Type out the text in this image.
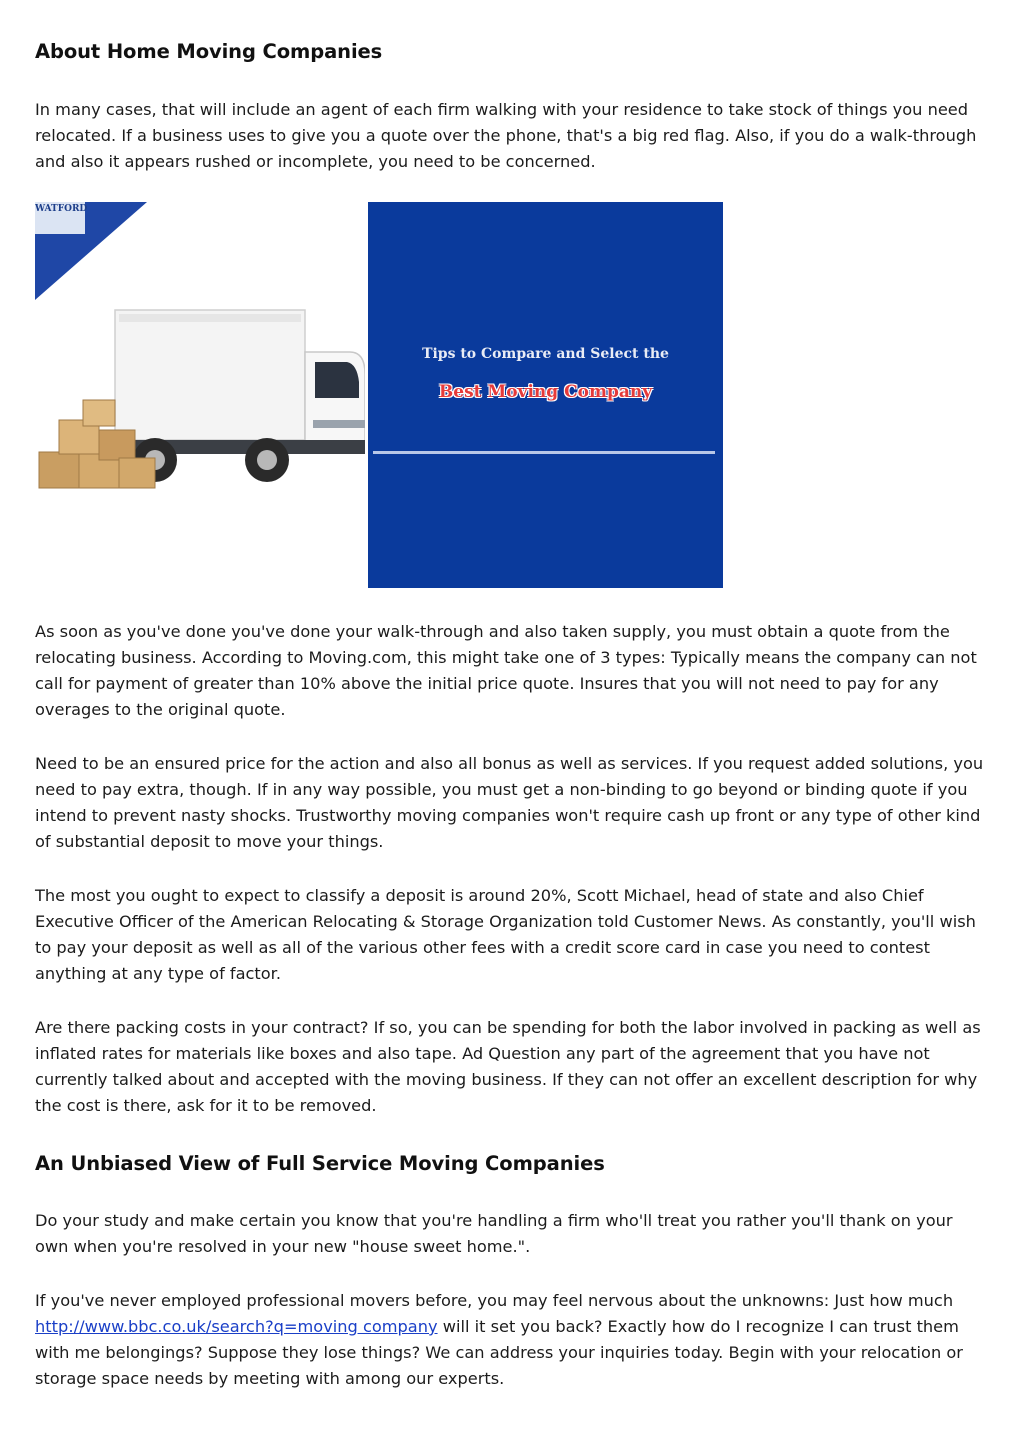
About Home Moving Companies

In many cases, that will include an agent of each firm walking with your residence to take stock of things you need relocated. If a business uses to give you a quote over the phone, that's a big red flag. Also, if you do a walk-through and also it appears rushed or incomplete, you need to be concerned.

WATFORD
Tips to Compare and Select the
Best Moving Company

As soon as you've done you've done your walk-through and also taken supply, you must obtain a quote from the relocating business. According to Moving.com, this might take one of 3 types: Typically means the company can not call for payment of greater than 10% above the initial price quote. Insures that you will not need to pay for any overages to the original quote.

Need to be an ensured price for the action and also all bonus as well as services. If you request added solutions, you need to pay extra, though. If in any way possible, you must get a non-binding to go beyond or binding quote if you intend to prevent nasty shocks. Trustworthy moving companies won't require cash up front or any type of other kind of substantial deposit to move your things.

The most you ought to expect to classify a deposit is around 20%, Scott Michael, head of state and also Chief Executive Officer of the American Relocating & Storage Organization told Customer News. As constantly, you'll wish to pay your deposit as well as all of the various other fees with a credit score card in case you need to contest anything at any type of factor.

Are there packing costs in your contract? If so, you can be spending for both the labor involved in packing as well as inflated rates for materials like boxes and also tape. Ad Question any part of the agreement that you have not currently talked about and accepted with the moving business. If they can not offer an excellent description for why the cost is there, ask for it to be removed.

An Unbiased View of Full Service Moving Companies

Do your study and make certain you know that you're handling a firm who'll treat you rather you'll thank on your own when you're resolved in your new "house sweet home.".

If you've never employed professional movers before, you may feel nervous about the unknowns: Just how much http://www.bbc.co.uk/search?q=moving company will it set you back? Exactly how do I recognize I can trust them with me belongings? Suppose they lose things? We can address your inquiries today. Begin with your relocation or storage space needs by meeting with among our experts.
